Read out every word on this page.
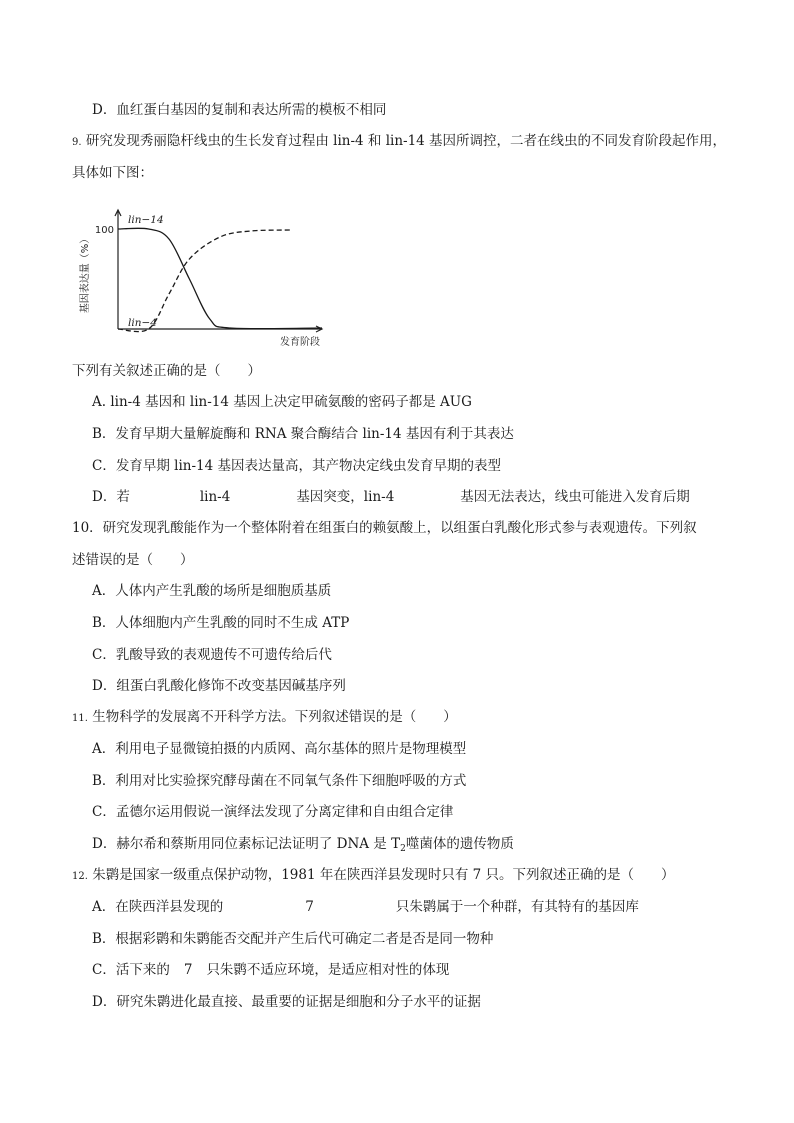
D．血红蛋白基因的复制和表达所需的模板不相同
9. 研究发现秀丽隐杆线虫的生长发育过程由 lin-4 和 lin-14 基因所调控，二者在线虫的不同发育阶段起作用，
具体如下图：
100
lin−14
lin−4
发育阶段
基因表达量（%）
下列有关叙述正确的是（　　）
A. lin-4 基因和 lin-14 基因上决定甲硫氨酸的密码子都是 AUG
B．发育早期大量解旋酶和 RNA 聚合酶结合 lin-14 基因有利于其表达
C．发育早期 lin-14 基因表达量高，其产物决定线虫发育早期的表型
D．若	lin-4	基因突变，lin-4	基因无法表达，线虫可能进入发育后期
10．研究发现乳酸能作为一个整体附着在组蛋白的赖氨酸上，以组蛋白乳酸化形式参与表观遗传。下列叙
述错误的是（　　）
A．人体内产生乳酸的场所是细胞质基质
B．人体细胞内产生乳酸的同时不生成 ATP
C．乳酸导致的表观遗传不可遗传给后代
D．组蛋白乳酸化修饰不改变基因碱基序列
11. 生物科学的发展离不开科学方法。下列叙述错误的是（　　）
A．利用电子显微镜拍摄的内质网、高尔基体的照片是物理模型
B．利用对比实验探究酵母菌在不同氧气条件下细胞呼吸的方式
C．孟德尔运用假说一演绎法发现了分离定律和自由组合定律
D．赫尔希和蔡斯用同位素标记法证明了 DNA 是 $T_2$噬菌体的遗传物质
12. 朱鹮是国家一级重点保护动物，1981 年在陕西洋县发现时只有 7 只。下列叙述正确的是（　　）
A．在陕西洋县发现的	7	只朱鹮属于一个种群，有其特有的基因库
B．根据彩鹮和朱鹮能否交配并产生后代可确定二者是否是同一物种
C．活下来的 7 只朱鹮不适应环境，是适应相对性的体现
D．研究朱鹮进化最直接、最重要的证据是细胞和分子水平的证据
